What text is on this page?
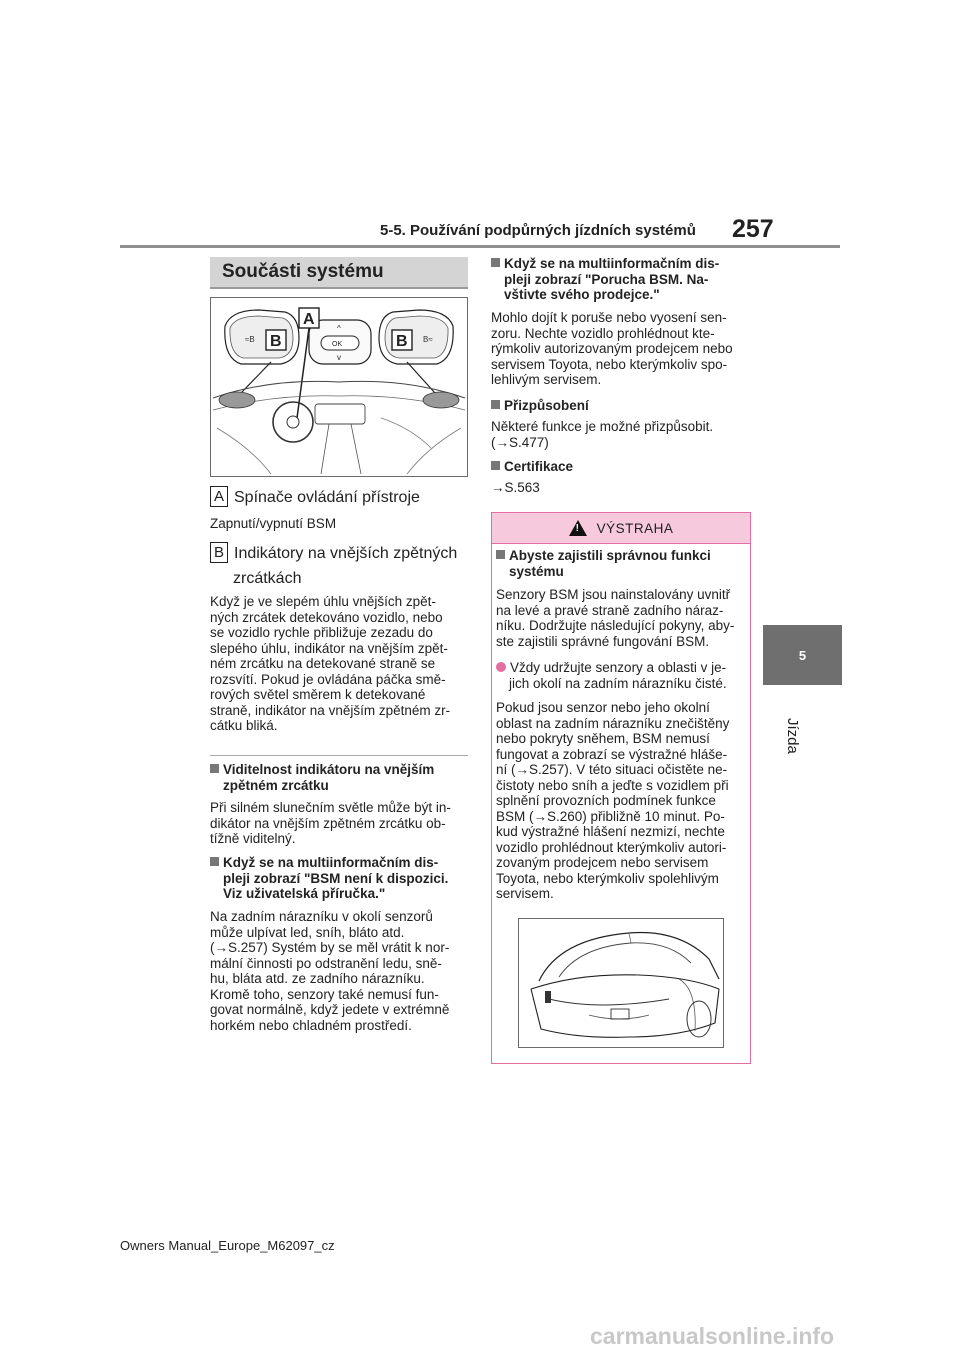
5-5. Používání podpůrných jízdních systémů 257
5
Jízda
Součásti systému
≈B	B≈
B	B
OK
^
v
A
A Spínače ovládání přístroje
Zapnutí/vypnutí BSM
B Indikátory na vnějších zpětných
zrcátkách
Když je ve slepém úhlu vnějších zpět-
ných zrcátek detekováno vozidlo, nebo
se vozidlo rychle přibližuje zezadu do
slepého úhlu, indikátor na vnějším zpět-
ném zrcátku na detekované straně se
rozsvítí. Pokud je ovládána páčka smě-
rových světel směrem k detekované
straně, indikátor na vnějším zpětném zr-
cátku bliká.
Viditelnost indikátoru na vnějším
zpětném zrcátku
Při silném slunečním světle může být in-
dikátor na vnějším zpětném zrcátku ob-
tížně viditelný.
Když se na multiinformačním dis-
pleji zobrazí "BSM není k dispozici.
Viz uživatelská příručka."
Na zadním nárazníku v okolí senzorů
může ulpívat led, sníh, bláto atd.
(→S.257) Systém by se měl vrátit k nor-
mální činnosti po odstranění ledu, sně-
hu, bláta atd. ze zadního nárazníku.
Kromě toho, senzory také nemusí fun-
govat normálně, když jedete v extrémně
horkém nebo chladném prostředí.
Když se na multiinformačním dis-
pleji zobrazí "Porucha BSM. Na-
vštivte svého prodejce."
Mohlo dojít k poruše nebo vyosení sen-
zoru. Nechte vozidlo prohlédnout kte-
rýmkoliv autorizovaným prodejcem nebo
servisem Toyota, nebo kterýmkoliv spo-
lehlivým servisem.
Přizpůsobení
Některé funkce je možné přizpůsobit.
(→S.477)
Certifikace
→S.563
! VÝSTRAHA
Abyste zajistili správnou funkci
systému
Senzory BSM jsou nainstalovány uvnitř
na levé a pravé straně zadního náraz-
níku. Dodržujte následující pokyny, aby-
ste zajistili správné fungování BSM.
Vždy udržujte senzory a oblasti v je-
jich okolí na zadním nárazníku čisté.
Pokud jsou senzor nebo jeho okolní
oblast na zadním nárazníku znečištěny
nebo pokryty sněhem, BSM nemusí
fungovat a zobrazí se výstražné hláše-
ní (→S.257). V této situaci očistěte ne-
čistoty nebo sníh a jeďte s vozidlem při
splnění provozních podmínek funkce
BSM (→S.260) přibližně 10 minut. Po-
kud výstražné hlášení nezmizí, nechte
vozidlo prohlédnout kterýmkoliv autori-
zovaným prodejcem nebo servisem
Toyota, nebo kterýmkoliv spolehlivým
servisem.
Owners Manual_Europe_M62097_cz
carmanualsonline.info
